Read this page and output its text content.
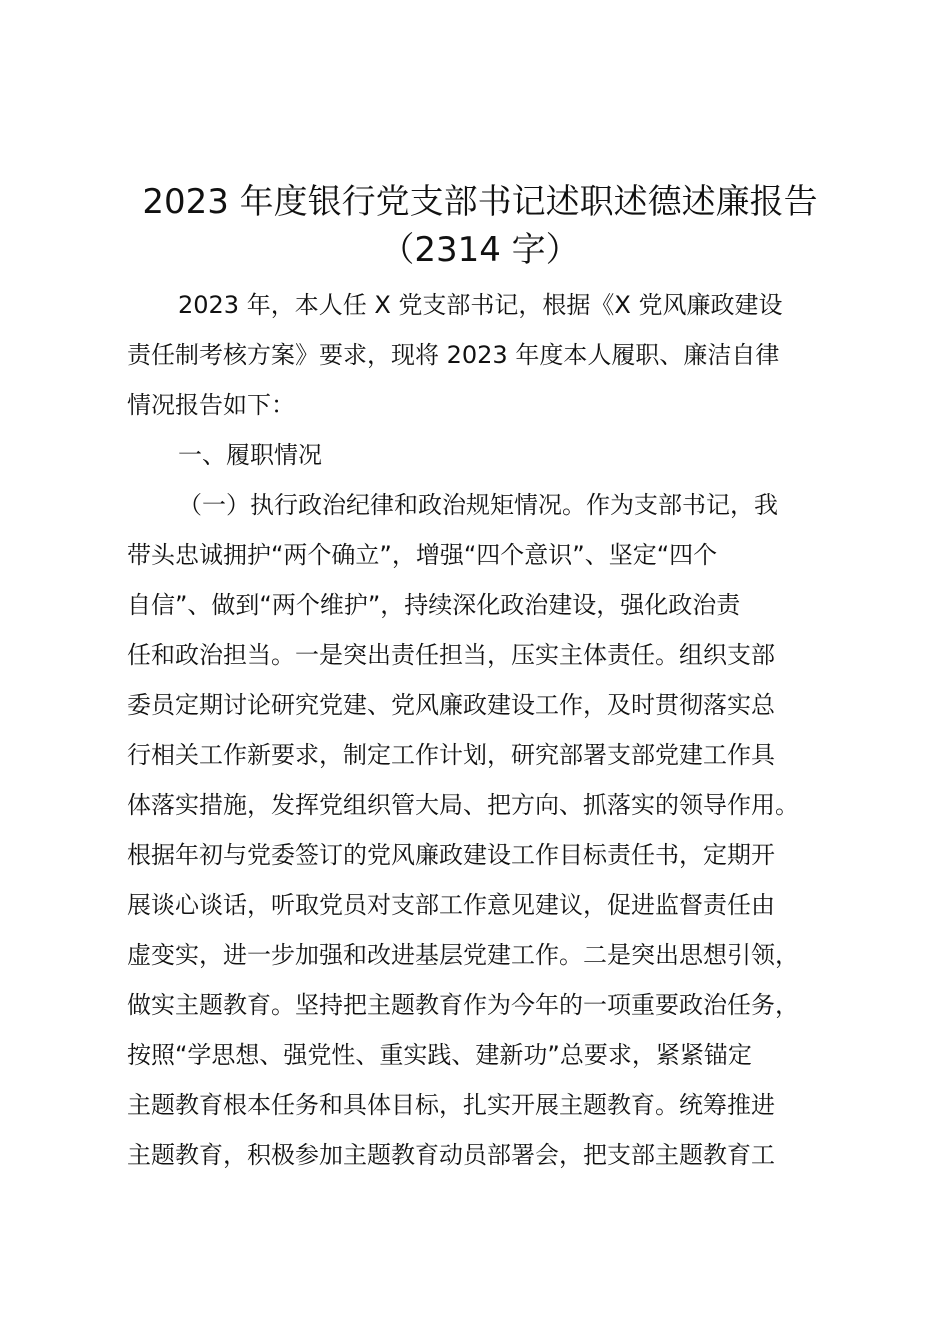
2023 年度银行党支部书记述职述德述廉报告
（2314 字）
2023 年，本人任 X 党支部书记，根据《X 党风廉政建设
责任制考核方案》要求，现将 2023 年度本人履职、廉洁自律
情况报告如下：
一、履职情况
（一）执行政治纪律和政治规矩情况。作为支部书记，我
带头忠诚拥护“两个确立”，增强“四个意识”、坚定“四个
自信”、做到“两个维护”，持续深化政治建设，强化政治责
任和政治担当。一是突出责任担当，压实主体责任。组织支部
委员定期讨论研究党建、党风廉政建设工作，及时贯彻落实总
行相关工作新要求，制定工作计划，研究部署支部党建工作具
体落实措施，发挥党组织管大局、把方向、抓落实的领导作用。
根据年初与党委签订的党风廉政建设工作目标责任书，定期开
展谈心谈话，听取党员对支部工作意见建议，促进监督责任由
虚变实，进一步加强和改进基层党建工作。二是突出思想引领，
做实主题教育。坚持把主题教育作为今年的一项重要政治任务，
按照“学思想、强党性、重实践、建新功”总要求，紧紧锚定
主题教育根本任务和具体目标，扎实开展主题教育。统筹推进
主题教育，积极参加主题教育动员部署会，把支部主题教育工
